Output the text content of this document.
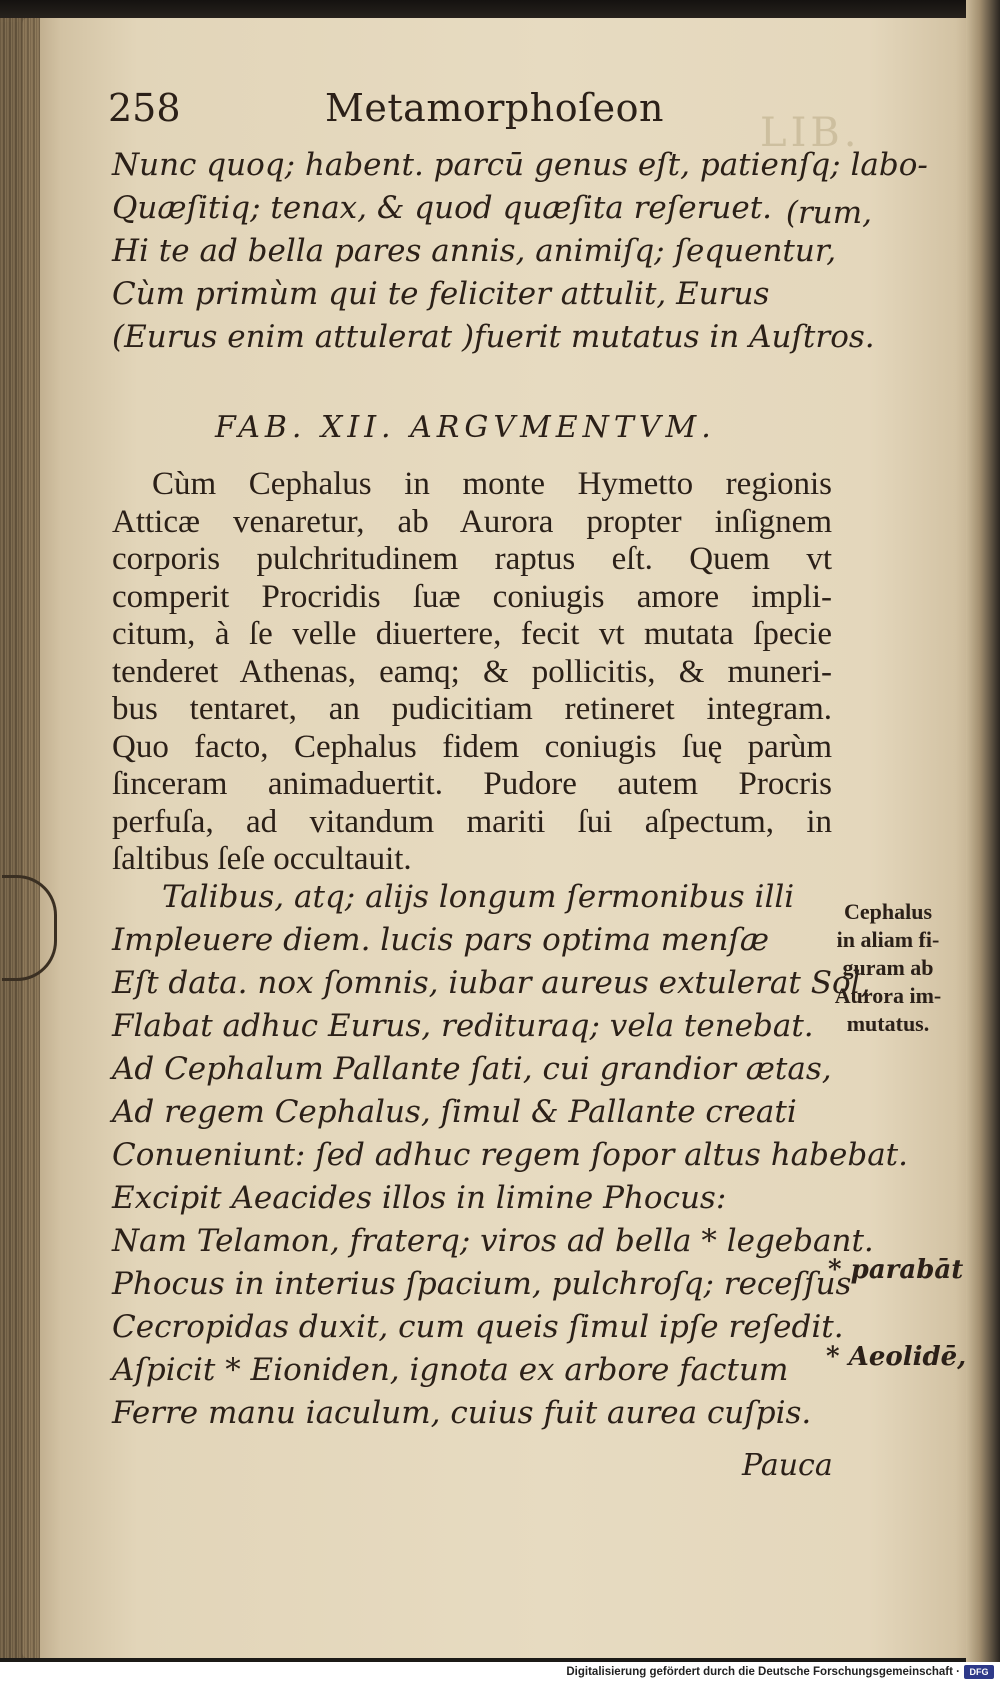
258	Metamorphoſeon
LIB.
Nunc quoq; habent. parcū genus eſt, patienſq; labo-
Quæſitiq; tenax, & quod quæſita reſeruet.
Hi te ad bella pares annis, animiſq; ſequentur,
Cùm primùm qui te feliciter attulit, Eurus
(Eurus enim attulerat )fuerit mutatus in Auſtros.
(rum,
FAB. XII. ARGVMENTVM.
Cùm Cephalus in monte Hymetto regionis
Atticæ venaretur, ab Aurora propter inſignem
corporis pulchritudinem raptus eſt. Quem vt
comperit Procridis ſuæ coniugis amore impli-
citum, à ſe velle diuertere, fecit vt mutata ſpecie
tenderet Athenas, eamq; & pollicitis, & muneri-
bus tentaret, an pudicitiam retineret integram.
Quo facto, Cephalus fidem coniugis ſuę parùm
ſinceram animaduertit. Pudore autem Procris
perfuſa, ad vitandum mariti ſui aſpectum, in
ſaltibus ſeſe occultauit.
Talibus, atq; alijs longum ſermonibus illi
Impleuere diem. lucis pars optima menſæ
Eſt data. nox ſomnis, iubar aureus extulerat Sol,
Flabat adhuc Eurus, redituraq; vela tenebat.
Ad Cephalum Pallante ſati, cui grandior ætas,
Ad regem Cephalus, ſimul & Pallante creati
Conueniunt: ſed adhuc regem ſopor altus habebat.
Excipit Aeacides illos in limine Phocus:
Nam Telamon, fraterq; viros ad bella * legebant.
Phocus in interius ſpacium, pulchroſq; receſſus
Cecropidas duxit, cum queis ſimul ipſe reſedit.
Aſpicit * Eioniden, ignota ex arbore factum
Ferre manu iaculum, cuius fuit aurea cuſpis.
Cephalus
in aliam fi-
guram ab
Aurora im-
mutatus.
* parabāt
* Aeolidē,
Pauca
Digitalisierung gefördert durch die Deutsche Forschungsgemeinschaft ·	DFG
